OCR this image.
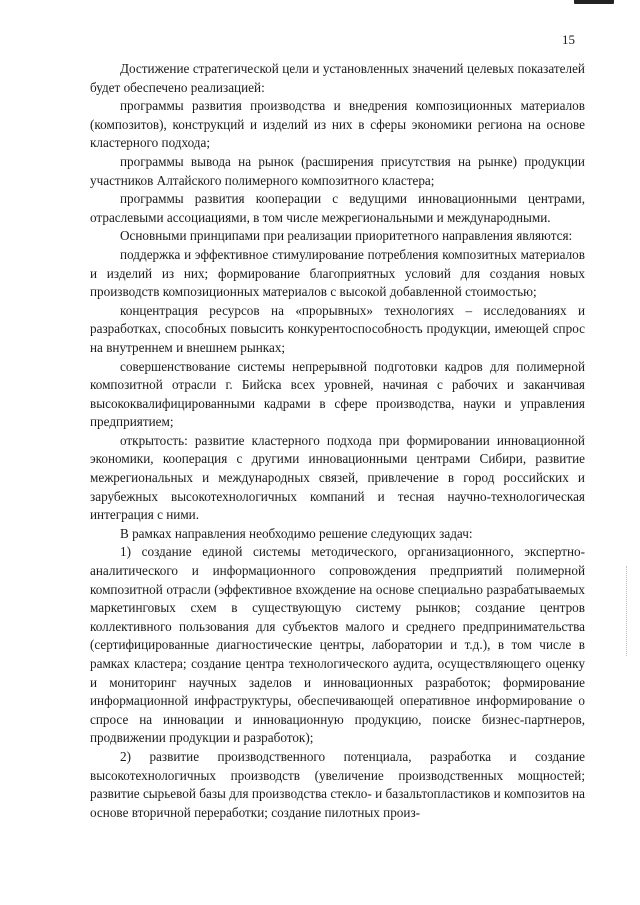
15

Достижение стратегической цели и установленных значений целевых показателей будет обеспечено реализацией:

программы развития производства и внедрения композиционных материалов (композитов), конструкций и изделий из них в сферы экономики региона на основе кластерного подхода;

программы вывода на рынок (расширения присутствия на рынке) продукции участников Алтайского полимерного композитного кластера;

программы развития кооперации с ведущими инновационными центрами, отраслевыми ассоциациями, в том числе межрегиональными и международными.

Основными принципами при реализации приоритетного направления являются:

поддержка и эффективное стимулирование потребления композитных материалов и изделий из них; формирование благоприятных условий для создания новых производств композиционных материалов с высокой добавленной стоимостью;

концентрация ресурсов на «прорывных» технологиях – исследованиях и разработках, способных повысить конкурентоспособность продукции, имеющей спрос на внутреннем и внешнем рынках;

совершенствование системы непрерывной подготовки кадров для полимерной композитной отрасли г. Бийска всех уровней, начиная с рабочих и заканчивая высококвалифицированными кадрами в сфере производства, науки и управления предприятием;

открытость: развитие кластерного подхода при формировании инновационной экономики, кооперация с другими инновационными центрами Сибири, развитие межрегиональных и международных связей, привлечение в город российских и зарубежных высокотехнологичных компаний и тесная научно-технологическая интеграция с ними.

В рамках направления необходимо решение следующих задач:

1) создание единой системы методического, организационного, экспертно-аналитического и информационного сопровождения предприятий полимерной композитной отрасли (эффективное вхождение на основе специально разрабатываемых маркетинговых схем в существующую систему рынков; создание центров коллективного пользования для субъектов малого и среднего предпринимательства (сертифицированные диагностические центры, лаборатории и т.д.), в том числе в рамках кластера; создание центра технологического аудита, осуществляющего оценку и мониторинг научных заделов и инновационных разработок; формирование информационной инфраструктуры, обеспечивающей оперативное информирование о спросе на инновации и инновационную продукцию, поиске бизнес-партнеров, продвижении продукции и разработок);

2) развитие производственного потенциала, разработка и создание высокотехнологичных производств (увеличение производственных мощностей; развитие сырьевой базы для производства стекло- и базальтопластиков и композитов на основе вторичной переработки; создание пилотных произ-
